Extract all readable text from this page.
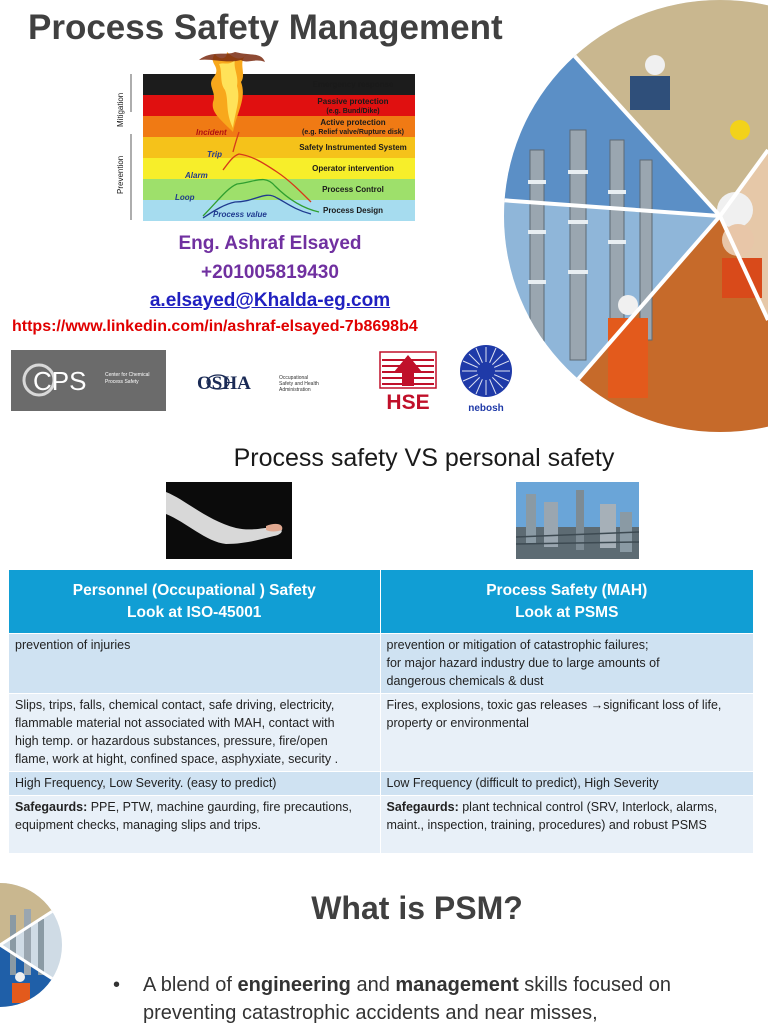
Process Safety Management
Emergency response
Passive protection
(e.g. Bund/Dike)
Active protection
(e.g. Relief valve/Rupture disk)
Safety Instrumented System
Operator intervention
Process Control
Process Design
Mitigation
Prevention
Incident
Trip
Alarm
Loop
Process value
Eng. Ashraf Elsayed
+201005819430
a.elsayed@Khalda-eg.com
https://www.linkedin.com/in/ashraf-elsayed-7b8698b4
CPS	Center for Chemical
Process Safety	OSHA	Occupational
Safety and Health
Administration
HSE	nebosh
Process safety VS personal safety
Personnel (Occupational ) Safety
Look at ISO-45001	Process Safety (MAH)
Look at PSMS
prevention of injuries	prevention or mitigation of catastrophic failures;
for major hazard industry due to large amounts of
dangerous chemicals & dust
Slips, trips, falls, chemical contact, safe driving, electricity,
flammable material not associated with MAH, contact with
high temp. or hazardous substances, pressure, fire/open
flame, work at hight, confined space, asphyxiate, security .	Fires, explosions, toxic gas releases →significant loss of life,
property or environmental
High Frequency, Low Severity. (easy to predict)	Low Frequency (difficult to predict), High Severity
Safegaurds: PPE, PTW, machine gaurding, fire precautions,
equipment checks, managing slips and trips.	Safegaurds: plant technical control (SRV, Interlock, alarms,
maint., inspection, training, procedures) and robust PSMS
What is PSM?
•	A blend of engineering and management skills focused on
preventing catastrophic accidents and near misses,
